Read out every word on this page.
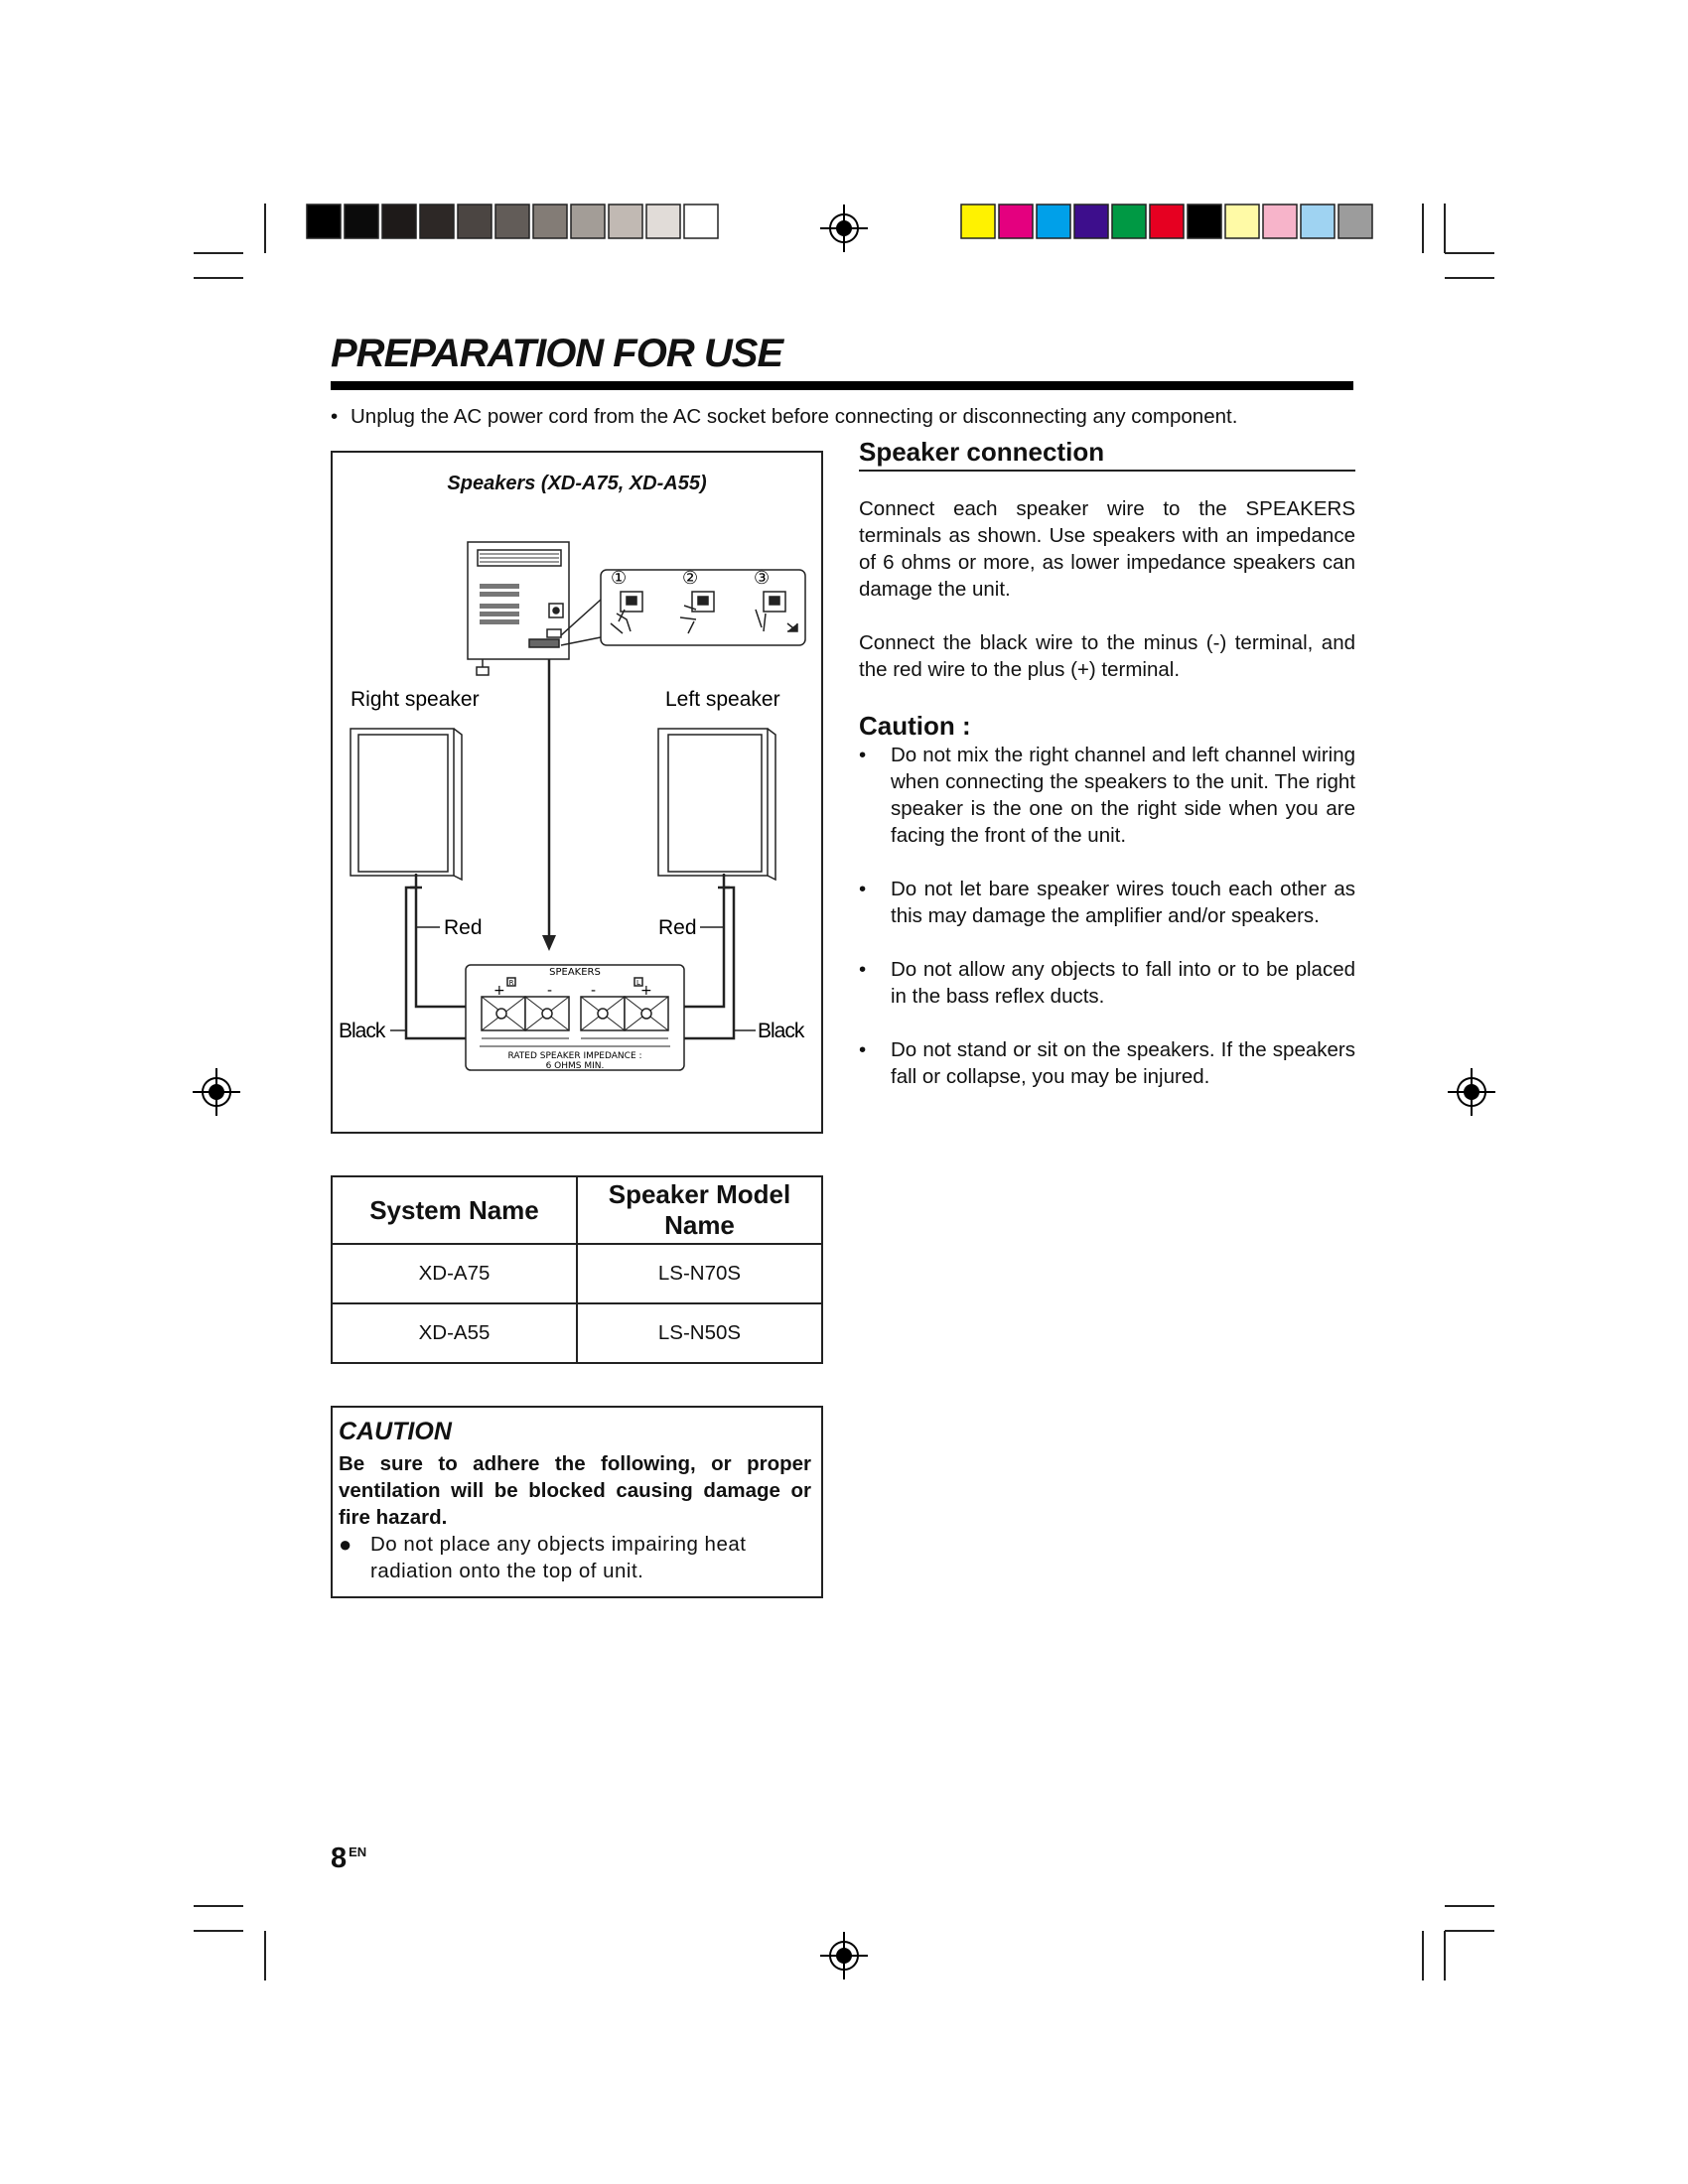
PREPARATION FOR USE
• Unplug the AC power cord from the AC socket before connecting or disconnecting any component.
Speakers (XD-A75, XD-A55)
①	②	③
Right speaker	Left speaker
Red	Red
Black	Black
SPEAKERS
R	L
+	-	-	+
RATED SPEAKER IMPEDANCE :
6 OHMS MIN.
System Name	Speaker Model Name
XD-A75	LS-N70S
XD-A55	LS-N50S
CAUTION
Be sure to adhere the following, or proper ventilation will be blocked causing damage or fire hazard.
● Do not place any objects impairing heat radiation onto the top of unit.
Speaker connection

Connect each speaker wire to the SPEAKERS terminals as shown. Use speakers with an impedance of 6 ohms or more, as lower impedance speakers can damage the unit.

Connect the black wire to the minus (-) terminal, and the red wire to the plus (+) terminal.

Caution :
•	Do not mix the right channel and left channel wiring when connecting the speakers to the unit. The right speaker is the one on the right side when you are facing the front of the unit.
•	Do not let bare speaker wires touch each other as this may damage the amplifier and/or speakers.
•	Do not allow any objects to fall into or to be placed in the bass reflex ducts.
•	Do not stand or sit on the speakers. If the speakers fall or collapse, you may be injured.
8 $^{EN}$
